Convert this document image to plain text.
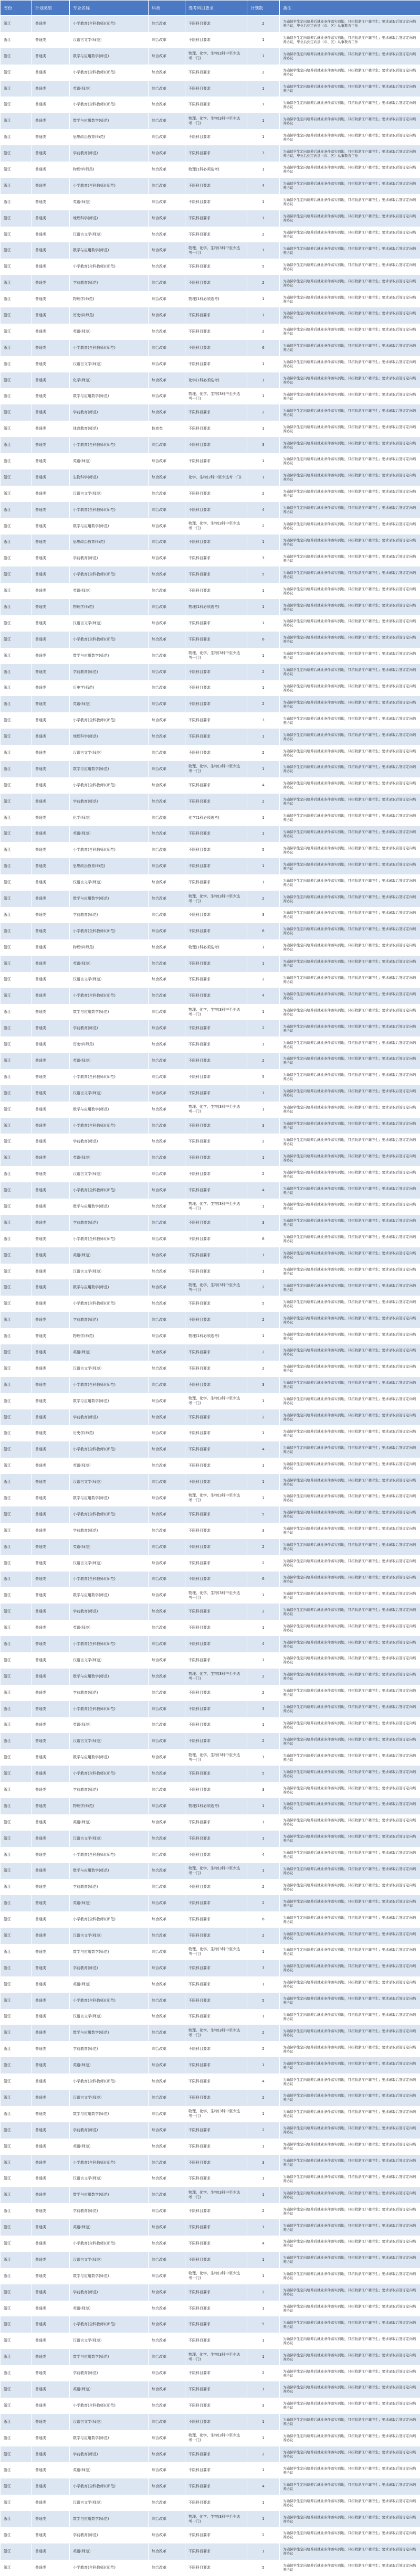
省份	计划类型	专业名称	科类	选考科目要求	计划数	备注
浙江	普通类	小学教育(全科教师)(师范)	综合改革	不限科目要求	2	为确保学生定向培养后就业条件落实到地，只招收浙江户籍考生；要求录取后签订定向培养协议，毕业后到定向县（市、区）从事教育工作
浙江	普通类	汉语言文学(师范)	综合改革	不限科目要求	1	为确保学生定向培养后就业条件落实到地，只招收浙江户籍考生；要求录取后签订定向培养协议，毕业后到定向县（市、区）从事教育工作
浙江	普通类	数学与应用数学(师范)	综合改革	物理、化学、生物(3科中至少选考一门)	1	为确保学生定向培养后就业条件落实到地，只招收浙江户籍考生；要求录取后签订定向培养协议
浙江	普通类	小学教育(全科教师)(师范)	综合改革	不限科目要求	2	为确保学生定向培养后就业条件落实到地，只招收浙江户籍考生；要求录取后签订定向培养协议
浙江	普通类	英语(师范)	综合改革	不限科目要求	1	为确保学生定向培养后就业条件落实到地，只招收浙江户籍考生；要求录取后签订定向培养协议
浙江	普通类	小学教育(全科教师)(师范)	综合改革	不限科目要求	7	为确保学生定向培养后就业条件落实到地，只招收浙江户籍考生；要求录取后签订定向培养协议
浙江	普通类	数学与应用数学(师范)	综合改革	物理、化学、生物(3科中至少选考一门)	1	为确保学生定向培养后就业条件落实到地，只招收浙江户籍考生；要求录取后签订定向培养协议
浙江	普通类	思想政治教育(师范)	综合改革	不限科目要求	1	为确保学生定向培养后就业条件落实到地，只招收浙江户籍考生；要求录取后签订定向培养协议
浙江	普通类	学前教育(师范)	综合改革	不限科目要求	3	为确保学生定向培养后就业条件落实到地，只招收浙江户籍考生；要求录取后签订定向培养协议，毕业后到定向县（市、区）从事教育工作
浙江	普通类	物理学(师范)	综合改革	物理(1科必须选考)	1	为确保学生定向培养后就业条件落实到地，只招收浙江户籍考生；要求录取后签订定向培养协议
浙江	普通类	小学教育(全科教师)(师范)	综合改革	不限科目要求	4	为确保学生定向培养后就业条件落实到地，只招收浙江户籍考生；要求录取后签订定向培养协议
浙江	普通类	英语(师范)	综合改革	不限科目要求	1	为确保学生定向培养后就业条件落实到地，只招收浙江户籍考生；要求录取后签订定向培养协议
浙江	普通类	地理科学(师范)	综合改革	不限科目要求	1	为确保学生定向培养后就业条件落实到地，只招收浙江户籍考生；要求录取后签订定向培养协议
浙江	普通类	汉语言文学(师范)	综合改革	不限科目要求	2	为确保学生定向培养后就业条件落实到地，只招收浙江户籍考生；要求录取后签订定向培养协议
浙江	普通类	数学与应用数学(师范)	综合改革	物理、化学、生物(3科中至少选考一门)	1	为确保学生定向培养后就业条件落实到地，只招收浙江户籍考生；要求录取后签订定向培养协议
浙江	普通类	小学教育(全科教师)(师范)	综合改革	不限科目要求	5	为确保学生定向培养后就业条件落实到地，只招收浙江户籍考生；要求录取后签订定向培养协议
浙江	普通类	学前教育(师范)	综合改革	不限科目要求	2	为确保学生定向培养后就业条件落实到地，只招收浙江户籍考生；要求录取后签订定向培养协议
浙江	普通类	物理学(师范)	综合改革	物理(1科必须选考)	1	为确保学生定向培养后就业条件落实到地，只招收浙江户籍考生；要求录取后签订定向培养协议
浙江	普通类	历史学(师范)	综合改革	不限科目要求	1	为确保学生定向培养后就业条件落实到地，只招收浙江户籍考生；要求录取后签订定向培养协议
浙江	普通类	英语(师范)	综合改革	不限科目要求	2	为确保学生定向培养后就业条件落实到地，只招收浙江户籍考生；要求录取后签订定向培养协议
浙江	普通类	小学教育(全科教师)(师范)	综合改革	不限科目要求	6	为确保学生定向培养后就业条件落实到地，只招收浙江户籍考生；要求录取后签订定向培养协议
浙江	普通类	汉语言文学(师范)	综合改革	不限科目要求	1	为确保学生定向培养后就业条件落实到地，只招收浙江户籍考生；要求录取后签订定向培养协议
浙江	普通类	化学(师范)	综合改革	化学(1科必须选考)	1	为确保学生定向培养后就业条件落实到地，只招收浙江户籍考生；要求录取后签订定向培养协议
浙江	普通类	数学与应用数学(师范)	综合改革	物理、化学、生物(3科中至少选考一门)	1	为确保学生定向培养后就业条件落实到地，只招收浙江户籍考生；要求录取后签订定向培养协议
浙江	普通类	学前教育(师范)	综合改革	不限科目要求	2	为确保学生定向培养后就业条件落实到地，只招收浙江户籍考生；要求录取后签订定向培养协议
浙江	普通类	体育教育(师范)	体育类	不限科目要求	1	为确保学生定向培养后就业条件落实到地，只招收浙江户籍考生；要求录取后签订定向培养协议
浙江	普通类	小学教育(全科教师)(师范)	综合改革	不限科目要求	3	为确保学生定向培养后就业条件落实到地，只招收浙江户籍考生；要求录取后签订定向培养协议
浙江	普通类	英语(师范)	综合改革	不限科目要求	1	为确保学生定向培养后就业条件落实到地，只招收浙江户籍考生；要求录取后签订定向培养协议
浙江	普通类	生物科学(师范)	综合改革	化学、生物(2科中至少选考一门)	1	为确保学生定向培养后就业条件落实到地，只招收浙江户籍考生；要求录取后签订定向培养协议
浙江	普通类	汉语言文学(师范)	综合改革	不限科目要求	2	为确保学生定向培养后就业条件落实到地，只招收浙江户籍考生；要求录取后签订定向培养协议
浙江	普通类	小学教育(全科教师)(师范)	综合改革	不限科目要求	4	为确保学生定向培养后就业条件落实到地，只招收浙江户籍考生；要求录取后签订定向培养协议
浙江	普通类	数学与应用数学(师范)	综合改革	物理、化学、生物(3科中至少选考一门)	2	为确保学生定向培养后就业条件落实到地，只招收浙江户籍考生；要求录取后签订定向培养协议
浙江	普通类	思想政治教育(师范)	综合改革	不限科目要求	1	为确保学生定向培养后就业条件落实到地，只招收浙江户籍考生；要求录取后签订定向培养协议
浙江	普通类	学前教育(师范)	综合改革	不限科目要求	3	为确保学生定向培养后就业条件落实到地，只招收浙江户籍考生；要求录取后签订定向培养协议
浙江	普通类	小学教育(全科教师)(师范)	综合改革	不限科目要求	5	为确保学生定向培养后就业条件落实到地，只招收浙江户籍考生；要求录取后签订定向培养协议
浙江	普通类	英语(师范)	综合改革	不限科目要求	1	为确保学生定向培养后就业条件落实到地，只招收浙江户籍考生；要求录取后签订定向培养协议
浙江	普通类	物理学(师范)	综合改革	物理(1科必须选考)	1	为确保学生定向培养后就业条件落实到地，只招收浙江户籍考生；要求录取后签订定向培养协议
浙江	普通类	汉语言文学(师范)	综合改革	不限科目要求	1	为确保学生定向培养后就业条件落实到地，只招收浙江户籍考生；要求录取后签订定向培养协议
浙江	普通类	小学教育(全科教师)(师范)	综合改革	不限科目要求	6	为确保学生定向培养后就业条件落实到地，只招收浙江户籍考生；要求录取后签订定向培养协议
浙江	普通类	数学与应用数学(师范)	综合改革	物理、化学、生物(3科中至少选考一门)	1	为确保学生定向培养后就业条件落实到地，只招收浙江户籍考生；要求录取后签订定向培养协议
浙江	普通类	学前教育(师范)	综合改革	不限科目要求	2	为确保学生定向培养后就业条件落实到地，只招收浙江户籍考生；要求录取后签订定向培养协议
浙江	普通类	历史学(师范)	综合改革	不限科目要求	1	为确保学生定向培养后就业条件落实到地，只招收浙江户籍考生；要求录取后签订定向培养协议
浙江	普通类	英语(师范)	综合改革	不限科目要求	2	为确保学生定向培养后就业条件落实到地，只招收浙江户籍考生；要求录取后签订定向培养协议
浙江	普通类	小学教育(全科教师)(师范)	综合改革	不限科目要求	3	为确保学生定向培养后就业条件落实到地，只招收浙江户籍考生；要求录取后签订定向培养协议
浙江	普通类	地理科学(师范)	综合改革	不限科目要求	1	为确保学生定向培养后就业条件落实到地，只招收浙江户籍考生；要求录取后签订定向培养协议
浙江	普通类	汉语言文学(师范)	综合改革	不限科目要求	2	为确保学生定向培养后就业条件落实到地，只招收浙江户籍考生；要求录取后签订定向培养协议
浙江	普通类	数学与应用数学(师范)	综合改革	物理、化学、生物(3科中至少选考一门)	1	为确保学生定向培养后就业条件落实到地，只招收浙江户籍考生；要求录取后签订定向培养协议
浙江	普通类	小学教育(全科教师)(师范)	综合改革	不限科目要求	4	为确保学生定向培养后就业条件落实到地，只招收浙江户籍考生；要求录取后签订定向培养协议
浙江	普通类	学前教育(师范)	综合改革	不限科目要求	2	为确保学生定向培养后就业条件落实到地，只招收浙江户籍考生；要求录取后签订定向培养协议
浙江	普通类	化学(师范)	综合改革	化学(1科必须选考)	1	为确保学生定向培养后就业条件落实到地，只招收浙江户籍考生；要求录取后签订定向培养协议
浙江	普通类	英语(师范)	综合改革	不限科目要求	1	为确保学生定向培养后就业条件落实到地，只招收浙江户籍考生；要求录取后签订定向培养协议
浙江	普通类	小学教育(全科教师)(师范)	综合改革	不限科目要求	5	为确保学生定向培养后就业条件落实到地，只招收浙江户籍考生；要求录取后签订定向培养协议
浙江	普通类	思想政治教育(师范)	综合改革	不限科目要求	1	为确保学生定向培养后就业条件落实到地，只招收浙江户籍考生；要求录取后签订定向培养协议
浙江	普通类	汉语言文学(师范)	综合改革	不限科目要求	1	为确保学生定向培养后就业条件落实到地，只招收浙江户籍考生；要求录取后签订定向培养协议
浙江	普通类	数学与应用数学(师范)	综合改革	物理、化学、生物(3科中至少选考一门)	2	为确保学生定向培养后就业条件落实到地，只招收浙江户籍考生；要求录取后签订定向培养协议
浙江	普通类	学前教育(师范)	综合改革	不限科目要求	3	为确保学生定向培养后就业条件落实到地，只招收浙江户籍考生；要求录取后签订定向培养协议
浙江	普通类	小学教育(全科教师)(师范)	综合改革	不限科目要求	6	为确保学生定向培养后就业条件落实到地，只招收浙江户籍考生；要求录取后签订定向培养协议
浙江	普通类	物理学(师范)	综合改革	物理(1科必须选考)	1	为确保学生定向培养后就业条件落实到地，只招收浙江户籍考生；要求录取后签订定向培养协议
浙江	普通类	英语(师范)	综合改革	不限科目要求	1	为确保学生定向培养后就业条件落实到地，只招收浙江户籍考生；要求录取后签订定向培养协议
浙江	普通类	汉语言文学(师范)	综合改革	不限科目要求	2	为确保学生定向培养后就业条件落实到地，只招收浙江户籍考生；要求录取后签订定向培养协议
浙江	普通类	小学教育(全科教师)(师范)	综合改革	不限科目要求	4	为确保学生定向培养后就业条件落实到地，只招收浙江户籍考生；要求录取后签订定向培养协议
浙江	普通类	数学与应用数学(师范)	综合改革	物理、化学、生物(3科中至少选考一门)	1	为确保学生定向培养后就业条件落实到地，只招收浙江户籍考生；要求录取后签订定向培养协议
浙江	普通类	学前教育(师范)	综合改革	不限科目要求	2	为确保学生定向培养后就业条件落实到地，只招收浙江户籍考生；要求录取后签订定向培养协议
浙江	普通类	历史学(师范)	综合改革	不限科目要求	1	为确保学生定向培养后就业条件落实到地，只招收浙江户籍考生；要求录取后签订定向培养协议
浙江	普通类	英语(师范)	综合改革	不限科目要求	2	为确保学生定向培养后就业条件落实到地，只招收浙江户籍考生；要求录取后签订定向培养协议
浙江	普通类	小学教育(全科教师)(师范)	综合改革	不限科目要求	5	为确保学生定向培养后就业条件落实到地，只招收浙江户籍考生；要求录取后签订定向培养协议
浙江	普通类	汉语言文学(师范)	综合改革	不限科目要求	1	为确保学生定向培养后就业条件落实到地，只招收浙江户籍考生；要求录取后签订定向培养协议
浙江	普通类	数学与应用数学(师范)	综合改革	物理、化学、生物(3科中至少选考一门)	1	为确保学生定向培养后就业条件落实到地，只招收浙江户籍考生；要求录取后签订定向培养协议
浙江	普通类	小学教育(全科教师)(师范)	综合改革	不限科目要求	3	为确保学生定向培养后就业条件落实到地，只招收浙江户籍考生；要求录取后签订定向培养协议
浙江	普通类	学前教育(师范)	综合改革	不限科目要求	2	为确保学生定向培养后就业条件落实到地，只招收浙江户籍考生；要求录取后签订定向培养协议
浙江	普通类	英语(师范)	综合改革	不限科目要求	1	为确保学生定向培养后就业条件落实到地，只招收浙江户籍考生；要求录取后签订定向培养协议
浙江	普通类	汉语言文学(师范)	综合改革	不限科目要求	2	为确保学生定向培养后就业条件落实到地，只招收浙江户籍考生；要求录取后签订定向培养协议
浙江	普通类	小学教育(全科教师)(师范)	综合改革	不限科目要求	4	为确保学生定向培养后就业条件落实到地，只招收浙江户籍考生；要求录取后签订定向培养协议
浙江	普通类	数学与应用数学(师范)	综合改革	物理、化学、生物(3科中至少选考一门)	1	为确保学生定向培养后就业条件落实到地，只招收浙江户籍考生；要求录取后签订定向培养协议
浙江	普通类	学前教育(师范)	综合改革	不限科目要求	3	为确保学生定向培养后就业条件落实到地，只招收浙江户籍考生；要求录取后签订定向培养协议
浙江	普通类	小学教育(全科教师)(师范)	综合改革	不限科目要求	6	为确保学生定向培养后就业条件落实到地，只招收浙江户籍考生；要求录取后签订定向培养协议
浙江	普通类	英语(师范)	综合改革	不限科目要求	1	为确保学生定向培养后就业条件落实到地，只招收浙江户籍考生；要求录取后签订定向培养协议
浙江	普通类	汉语言文学(师范)	综合改革	不限科目要求	1	为确保学生定向培养后就业条件落实到地，只招收浙江户籍考生；要求录取后签订定向培养协议
浙江	普通类	数学与应用数学(师范)	综合改革	物理、化学、生物(3科中至少选考一门)	2	为确保学生定向培养后就业条件落实到地，只招收浙江户籍考生；要求录取后签订定向培养协议
浙江	普通类	小学教育(全科教师)(师范)	综合改革	不限科目要求	5	为确保学生定向培养后就业条件落实到地，只招收浙江户籍考生；要求录取后签订定向培养协议
浙江	普通类	学前教育(师范)	综合改革	不限科目要求	2	为确保学生定向培养后就业条件落实到地，只招收浙江户籍考生；要求录取后签订定向培养协议
浙江	普通类	物理学(师范)	综合改革	物理(1科必须选考)	1	为确保学生定向培养后就业条件落实到地，只招收浙江户籍考生；要求录取后签订定向培养协议
浙江	普通类	英语(师范)	综合改革	不限科目要求	2	为确保学生定向培养后就业条件落实到地，只招收浙江户籍考生；要求录取后签订定向培养协议
浙江	普通类	汉语言文学(师范)	综合改革	不限科目要求	2	为确保学生定向培养后就业条件落实到地，只招收浙江户籍考生；要求录取后签订定向培养协议
浙江	普通类	小学教育(全科教师)(师范)	综合改革	不限科目要求	3	为确保学生定向培养后就业条件落实到地，只招收浙江户籍考生；要求录取后签订定向培养协议
浙江	普通类	数学与应用数学(师范)	综合改革	物理、化学、生物(3科中至少选考一门)	1	为确保学生定向培养后就业条件落实到地，只招收浙江户籍考生；要求录取后签订定向培养协议
浙江	普通类	学前教育(师范)	综合改革	不限科目要求	2	为确保学生定向培养后就业条件落实到地，只招收浙江户籍考生；要求录取后签订定向培养协议
浙江	普通类	历史学(师范)	综合改革	不限科目要求	1	为确保学生定向培养后就业条件落实到地，只招收浙江户籍考生；要求录取后签订定向培养协议
浙江	普通类	小学教育(全科教师)(师范)	综合改革	不限科目要求	4	为确保学生定向培养后就业条件落实到地，只招收浙江户籍考生；要求录取后签订定向培养协议
浙江	普通类	英语(师范)	综合改革	不限科目要求	1	为确保学生定向培养后就业条件落实到地，只招收浙江户籍考生；要求录取后签订定向培养协议
浙江	普通类	汉语言文学(师范)	综合改革	不限科目要求	1	为确保学生定向培养后就业条件落实到地，只招收浙江户籍考生；要求录取后签订定向培养协议
浙江	普通类	数学与应用数学(师范)	综合改革	物理、化学、生物(3科中至少选考一门)	1	为确保学生定向培养后就业条件落实到地，只招收浙江户籍考生；要求录取后签订定向培养协议
浙江	普通类	小学教育(全科教师)(师范)	综合改革	不限科目要求	5	为确保学生定向培养后就业条件落实到地，只招收浙江户籍考生；要求录取后签订定向培养协议
浙江	普通类	学前教育(师范)	综合改革	不限科目要求	3	为确保学生定向培养后就业条件落实到地，只招收浙江户籍考生；要求录取后签订定向培养协议
浙江	普通类	英语(师范)	综合改革	不限科目要求	2	为确保学生定向培养后就业条件落实到地，只招收浙江户籍考生；要求录取后签订定向培养协议
浙江	普通类	汉语言文学(师范)	综合改革	不限科目要求	2	为确保学生定向培养后就业条件落实到地，只招收浙江户籍考生；要求录取后签订定向培养协议
浙江	普通类	小学教育(全科教师)(师范)	综合改革	不限科目要求	6	为确保学生定向培养后就业条件落实到地，只招收浙江户籍考生；要求录取后签订定向培养协议
浙江	普通类	数学与应用数学(师范)	综合改革	物理、化学、生物(3科中至少选考一门)	1	为确保学生定向培养后就业条件落实到地，只招收浙江户籍考生；要求录取后签订定向培养协议
浙江	普通类	学前教育(师范)	综合改革	不限科目要求	2	为确保学生定向培养后就业条件落实到地，只招收浙江户籍考生；要求录取后签订定向培养协议
浙江	普通类	英语(师范)	综合改革	不限科目要求	1	为确保学生定向培养后就业条件落实到地，只招收浙江户籍考生；要求录取后签订定向培养协议
浙江	普通类	小学教育(全科教师)(师范)	综合改革	不限科目要求	4	为确保学生定向培养后就业条件落实到地，只招收浙江户籍考生；要求录取后签订定向培养协议
浙江	普通类	汉语言文学(师范)	综合改革	不限科目要求	1	为确保学生定向培养后就业条件落实到地，只招收浙江户籍考生；要求录取后签订定向培养协议
浙江	普通类	数学与应用数学(师范)	综合改革	物理、化学、生物(3科中至少选考一门)	2	为确保学生定向培养后就业条件落实到地，只招收浙江户籍考生；要求录取后签订定向培养协议
浙江	普通类	学前教育(师范)	综合改革	不限科目要求	2	为确保学生定向培养后就业条件落实到地，只招收浙江户籍考生；要求录取后签订定向培养协议
浙江	普通类	小学教育(全科教师)(师范)	综合改革	不限科目要求	3	为确保学生定向培养后就业条件落实到地，只招收浙江户籍考生；要求录取后签订定向培养协议
浙江	普通类	英语(师范)	综合改革	不限科目要求	1	为确保学生定向培养后就业条件落实到地，只招收浙江户籍考生；要求录取后签订定向培养协议
浙江	普通类	汉语言文学(师范)	综合改革	不限科目要求	2	为确保学生定向培养后就业条件落实到地，只招收浙江户籍考生；要求录取后签订定向培养协议
浙江	普通类	数学与应用数学(师范)	综合改革	物理、化学、生物(3科中至少选考一门)	1	为确保学生定向培养后就业条件落实到地，只招收浙江户籍考生；要求录取后签订定向培养协议
浙江	普通类	小学教育(全科教师)(师范)	综合改革	不限科目要求	5	为确保学生定向培养后就业条件落实到地，只招收浙江户籍考生；要求录取后签订定向培养协议
浙江	普通类	学前教育(师范)	综合改革	不限科目要求	3	为确保学生定向培养后就业条件落实到地，只招收浙江户籍考生；要求录取后签订定向培养协议
浙江	普通类	物理学(师范)	综合改革	物理(1科必须选考)	1	为确保学生定向培养后就业条件落实到地，只招收浙江户籍考生；要求录取后签订定向培养协议
浙江	普通类	英语(师范)	综合改革	不限科目要求	1	为确保学生定向培养后就业条件落实到地，只招收浙江户籍考生；要求录取后签订定向培养协议
浙江	普通类	汉语言文学(师范)	综合改革	不限科目要求	1	为确保学生定向培养后就业条件落实到地，只招收浙江户籍考生；要求录取后签订定向培养协议
浙江	普通类	小学教育(全科教师)(师范)	综合改革	不限科目要求	4	为确保学生定向培养后就业条件落实到地，只招收浙江户籍考生；要求录取后签订定向培养协议
浙江	普通类	数学与应用数学(师范)	综合改革	物理、化学、生物(3科中至少选考一门)	1	为确保学生定向培养后就业条件落实到地，只招收浙江户籍考生；要求录取后签订定向培养协议
浙江	普通类	学前教育(师范)	综合改革	不限科目要求	2	为确保学生定向培养后就业条件落实到地，只招收浙江户籍考生；要求录取后签订定向培养协议
浙江	普通类	英语(师范)	综合改革	不限科目要求	2	为确保学生定向培养后就业条件落实到地，只招收浙江户籍考生；要求录取后签订定向培养协议
浙江	普通类	小学教育(全科教师)(师范)	综合改革	不限科目要求	6	为确保学生定向培养后就业条件落实到地，只招收浙江户籍考生；要求录取后签订定向培养协议
浙江	普通类	汉语言文学(师范)	综合改革	不限科目要求	2	为确保学生定向培养后就业条件落实到地，只招收浙江户籍考生；要求录取后签订定向培养协议
浙江	普通类	数学与应用数学(师范)	综合改革	物理、化学、生物(3科中至少选考一门)	1	为确保学生定向培养后就业条件落实到地，只招收浙江户籍考生；要求录取后签订定向培养协议
浙江	普通类	学前教育(师范)	综合改革	不限科目要求	3	为确保学生定向培养后就业条件落实到地，只招收浙江户籍考生；要求录取后签订定向培养协议
浙江	普通类	英语(师范)	综合改革	不限科目要求	1	为确保学生定向培养后就业条件落实到地，只招收浙江户籍考生；要求录取后签订定向培养协议
浙江	普通类	小学教育(全科教师)(师范)	综合改革	不限科目要求	5	为确保学生定向培养后就业条件落实到地，只招收浙江户籍考生；要求录取后签订定向培养协议
浙江	普通类	汉语言文学(师范)	综合改革	不限科目要求	1	为确保学生定向培养后就业条件落实到地，只招收浙江户籍考生；要求录取后签订定向培养协议
浙江	普通类	数学与应用数学(师范)	综合改革	物理、化学、生物(3科中至少选考一门)	2	为确保学生定向培养后就业条件落实到地，只招收浙江户籍考生；要求录取后签订定向培养协议
浙江	普通类	学前教育(师范)	综合改革	不限科目要求	2	为确保学生定向培养后就业条件落实到地，只招收浙江户籍考生；要求录取后签订定向培养协议
浙江	普通类	英语(师范)	综合改革	不限科目要求	1	为确保学生定向培养后就业条件落实到地，只招收浙江户籍考生；要求录取后签订定向培养协议
浙江	普通类	小学教育(全科教师)(师范)	综合改革	不限科目要求	4	为确保学生定向培养后就业条件落实到地，只招收浙江户籍考生；要求录取后签订定向培养协议
浙江	普通类	汉语言文学(师范)	综合改革	不限科目要求	2	为确保学生定向培养后就业条件落实到地，只招收浙江户籍考生；要求录取后签订定向培养协议
浙江	普通类	数学与应用数学(师范)	综合改革	物理、化学、生物(3科中至少选考一门)	1	为确保学生定向培养后就业条件落实到地，只招收浙江户籍考生；要求录取后签订定向培养协议
浙江	普通类	学前教育(师范)	综合改革	不限科目要求	2	为确保学生定向培养后就业条件落实到地，只招收浙江户籍考生；要求录取后签订定向培养协议
浙江	普通类	英语(师范)	综合改革	不限科目要求	1	为确保学生定向培养后就业条件落实到地，只招收浙江户籍考生；要求录取后签订定向培养协议
浙江	普通类	小学教育(全科教师)(师范)	综合改革	不限科目要求	3	为确保学生定向培养后就业条件落实到地，只招收浙江户籍考生；要求录取后签订定向培养协议
浙江	普通类	汉语言文学(师范)	综合改革	不限科目要求	1	为确保学生定向培养后就业条件落实到地，只招收浙江户籍考生；要求录取后签订定向培养协议
浙江	普通类	数学与应用数学(师范)	综合改革	物理、化学、生物(3科中至少选考一门)	1	为确保学生定向培养后就业条件落实到地，只招收浙江户籍考生；要求录取后签订定向培养协议
浙江	普通类	学前教育(师范)	综合改革	不限科目要求	2	为确保学生定向培养后就业条件落实到地，只招收浙江户籍考生；要求录取后签订定向培养协议
浙江	普通类	英语(师范)	综合改革	不限科目要求	1	为确保学生定向培养后就业条件落实到地，只招收浙江户籍考生；要求录取后签订定向培养协议
浙江	普通类	小学教育(全科教师)(师范)	综合改革	不限科目要求	4	为确保学生定向培养后就业条件落实到地，只招收浙江户籍考生；要求录取后签订定向培养协议
浙江	普通类	汉语言文学(师范)	综合改革	不限科目要求	1	为确保学生定向培养后就业条件落实到地，只招收浙江户籍考生；要求录取后签订定向培养协议
浙江	普通类	数学与应用数学(师范)	综合改革	物理、化学、生物(3科中至少选考一门)	1	为确保学生定向培养后就业条件落实到地，只招收浙江户籍考生；要求录取后签订定向培养协议
浙江	普通类	学前教育(师范)	综合改革	不限科目要求	2	为确保学生定向培养后就业条件落实到地，只招收浙江户籍考生；要求录取后签订定向培养协议
浙江	普通类	英语(师范)	综合改革	不限科目要求	1	为确保学生定向培养后就业条件落实到地，只招收浙江户籍考生；要求录取后签订定向培养协议
浙江	普通类	小学教育(全科教师)(师范)	综合改革	不限科目要求	5	为确保学生定向培养后就业条件落实到地，只招收浙江户籍考生；要求录取后签订定向培养协议
浙江	普通类	汉语言文学(师范)	综合改革	不限科目要求	1	为确保学生定向培养后就业条件落实到地，只招收浙江户籍考生；要求录取后签订定向培养协议
浙江	普通类	数学与应用数学(师范)	综合改革	物理、化学、生物(3科中至少选考一门)	1	为确保学生定向培养后就业条件落实到地，只招收浙江户籍考生；要求录取后签订定向培养协议
浙江	普通类	学前教育(师范)	综合改革	不限科目要求	2	为确保学生定向培养后就业条件落实到地，只招收浙江户籍考生；要求录取后签订定向培养协议
浙江	普通类	英语(师范)	综合改革	不限科目要求	1	为确保学生定向培养后就业条件落实到地，只招收浙江户籍考生；要求录取后签订定向培养协议
浙江	普通类	小学教育(全科教师)(师范)	综合改革	不限科目要求	3	为确保学生定向培养后就业条件落实到地，只招收浙江户籍考生；要求录取后签订定向培养协议
浙江	普通类	汉语言文学(师范)	综合改革	不限科目要求	1	为确保学生定向培养后就业条件落实到地，只招收浙江户籍考生；要求录取后签订定向培养协议
浙江	普通类	数学与应用数学(师范)	综合改革	物理、化学、生物(3科中至少选考一门)	1	为确保学生定向培养后就业条件落实到地，只招收浙江户籍考生；要求录取后签订定向培养协议
浙江	普通类	学前教育(师范)	综合改革	不限科目要求	2	为确保学生定向培养后就业条件落实到地，只招收浙江户籍考生；要求录取后签订定向培养协议
浙江	普通类	英语(师范)	综合改革	不限科目要求	1	为确保学生定向培养后就业条件落实到地，只招收浙江户籍考生；要求录取后签订定向培养协议
浙江	普通类	小学教育(全科教师)(师范)	综合改革	不限科目要求	4	为确保学生定向培养后就业条件落实到地，只招收浙江户籍考生；要求录取后签订定向培养协议
浙江	普通类	汉语言文学(师范)	综合改革	不限科目要求	1	为确保学生定向培养后就业条件落实到地，只招收浙江户籍考生；要求录取后签订定向培养协议
浙江	普通类	数学与应用数学(师范)	综合改革	物理、化学、生物(3科中至少选考一门)	1	为确保学生定向培养后就业条件落实到地，只招收浙江户籍考生；要求录取后签订定向培养协议
浙江	普通类	学前教育(师范)	综合改革	不限科目要求	2	为确保学生定向培养后就业条件落实到地，只招收浙江户籍考生；要求录取后签订定向培养协议
浙江	普通类	英语(师范)	综合改革	不限科目要求	1	为确保学生定向培养后就业条件落实到地，只招收浙江户籍考生；要求录取后签订定向培养协议
浙江	普通类	小学教育(全科教师)(师范)	综合改革	不限科目要求	5	为确保学生定向培养后就业条件落实到地，只招收浙江户籍考生；要求录取后签订定向培养协议
